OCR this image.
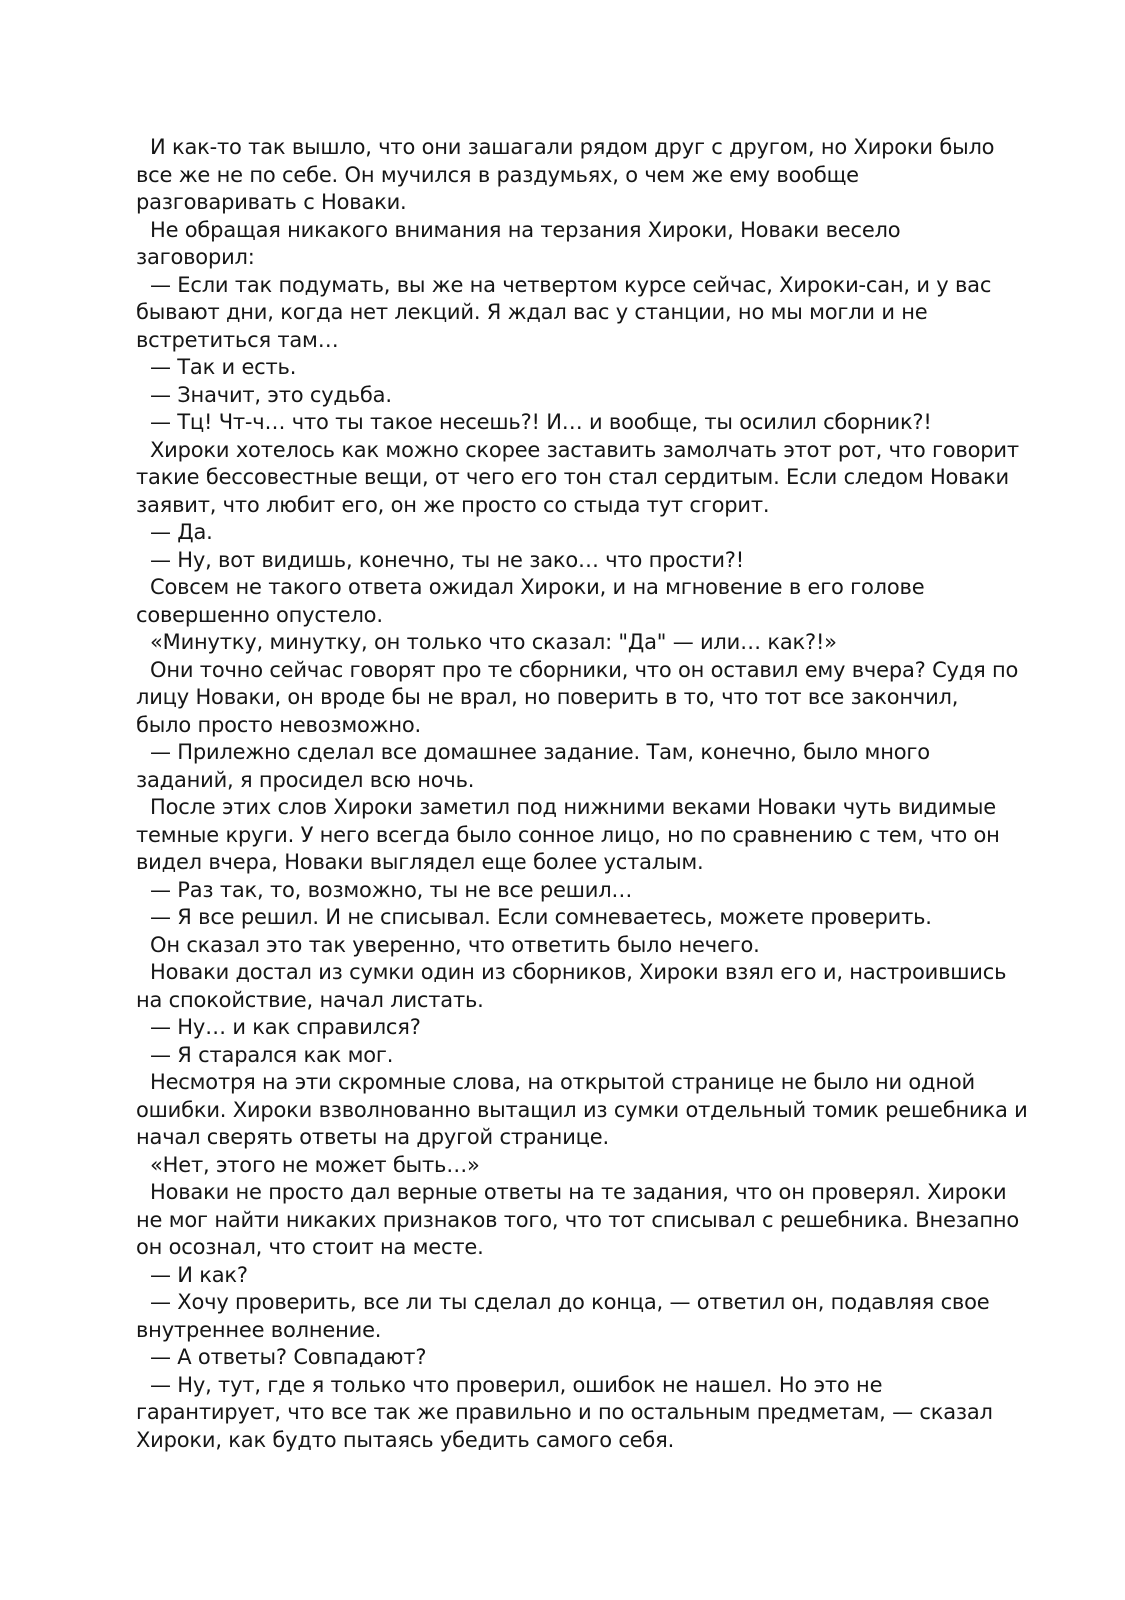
И как-то так вышло, что они зашагали рядом друг с другом, но Хироки было
все же не по себе. Он мучился в раздумьях, о чем же ему вообще
разговаривать с Новаки.

Не обращая никакого внимания на терзания Хироки, Новаки весело
заговорил:

— Если так подумать, вы же на четвертом курсе сейчас, Хироки-сан, и у вас
бывают дни, когда нет лекций. Я ждал вас у станции, но мы могли и не
встретиться там…

— Так и есть.

— Значит, это судьба.

— Тц! Чт-ч… что ты такое несешь?! И… и вообще, ты осилил сборник?!

Хироки хотелось как можно скорее заставить замолчать этот рот, что говорит
такие бессовестные вещи, от чего его тон стал сердитым. Если следом Новаки
заявит, что любит его, он же просто со стыда тут сгорит.

— Да.

— Ну, вот видишь, конечно, ты не зако… что прости?!

Совсем не такого ответа ожидал Хироки, и на мгновение в его голове
совершенно опустело.

«Минутку, минутку, он только что сказал: "Да" — или… как?!»

Они точно сейчас говорят про те сборники, что он оставил ему вчера? Судя по
лицу Новаки, он вроде бы не врал, но поверить в то, что тот все закончил,
было просто невозможно.

— Прилежно сделал все домашнее задание. Там, конечно, было много
заданий, я просидел всю ночь.

После этих слов Хироки заметил под нижними веками Новаки чуть видимые
темные круги. У него всегда было сонное лицо, но по сравнению с тем, что он
видел вчера, Новаки выглядел еще более усталым.

— Раз так, то, возможно, ты не все решил…

— Я все решил. И не списывал. Если сомневаетесь, можете проверить.

Он сказал это так уверенно, что ответить было нечего.

Новаки достал из сумки один из сборников, Хироки взял его и, настроившись
на спокойствие, начал листать.

— Ну… и как справился?

— Я старался как мог.

Несмотря на эти скромные слова, на открытой странице не было ни одной
ошибки. Хироки взволнованно вытащил из сумки отдельный томик решебника и
начал сверять ответы на другой странице.

«Нет, этого не может быть…»

Новаки не просто дал верные ответы на те задания, что он проверял. Хироки
не мог найти никаких признаков того, что тот списывал с решебника. Внезапно
он осознал, что стоит на месте.

— И как?

— Хочу проверить, все ли ты сделал до конца, — ответил он, подавляя свое
внутреннее волнение.

— А ответы? Совпадают?

— Ну, тут, где я только что проверил, ошибок не нашел. Но это не
гарантирует, что все так же правильно и по остальным предметам, — сказал
Хироки, как будто пытаясь убедить самого себя.
